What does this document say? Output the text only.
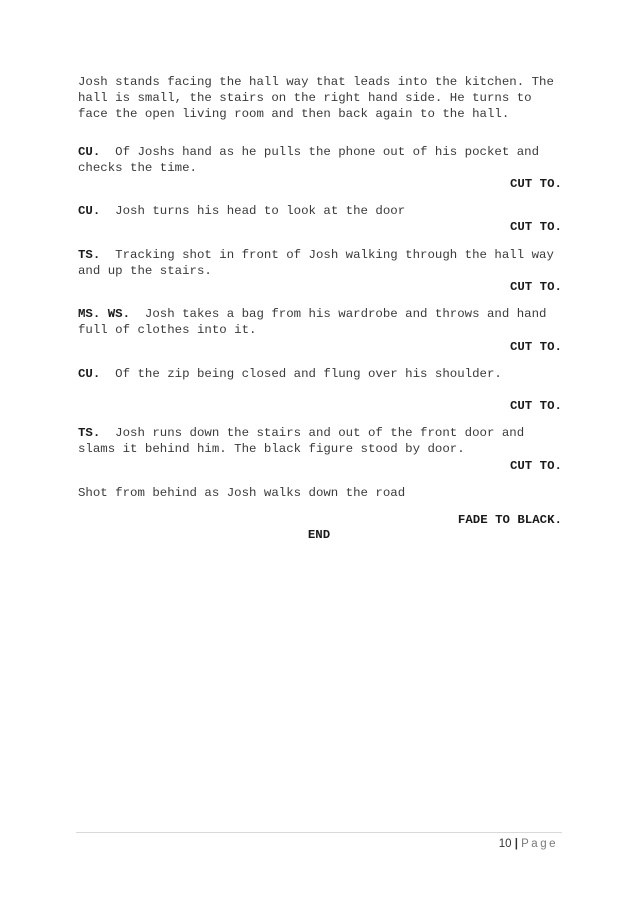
Josh stands facing the hall way that leads into the kitchen. The hall is small, the stairs on the right hand side. He turns to face the open living room and then back again to the hall.

CU.  Of Joshs hand as he pulls the phone out of his pocket and checks the time.

CUT TO.

CU.  Josh turns his head to look at the door

CUT TO.

TS.  Tracking shot in front of Josh walking through the hall way and up the stairs.

CUT TO.

MS. WS.  Josh takes a bag from his wardrobe and throws and hand full of clothes into it.

CUT TO.

CU.  Of the zip being closed and flung over his shoulder.

CUT TO.

TS.  Josh runs down the stairs and out of the front door and slams it behind him. The black figure stood by door.

CUT TO.

Shot from behind as Josh walks down the road

FADE TO BLACK.

END
10 | Page
